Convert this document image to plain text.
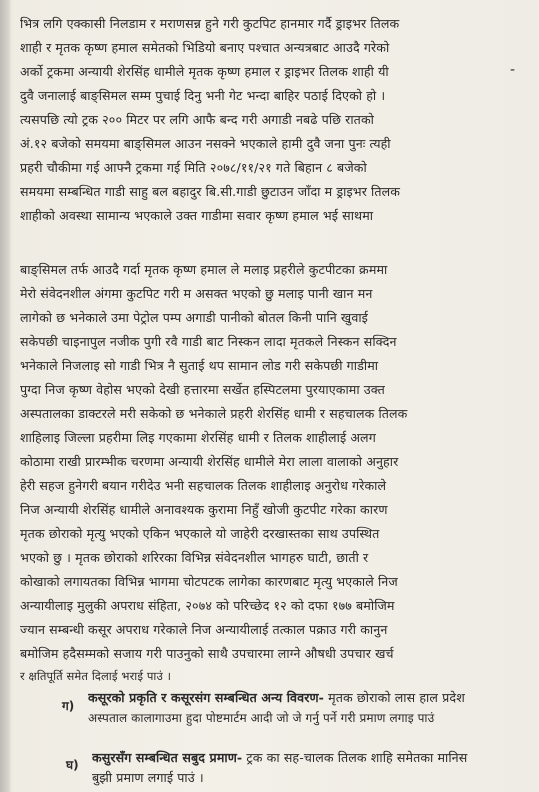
भित्र लगि एक्कासी निलडाम र मराणसन्न हुने गरी कुटपिट हानमार गर्दै ड्राइभर तिलक
शाही र मृतक कृष्ण हमाल समेतको भिडियो बनाए पश्चात अन्यत्रबाट आउदै गरेको
अर्को ट्रकमा अन्यायी शेरसिंह धामीले मृतक कृष्ण हमाल र ड्राइभर तिलक शाही यी
दुवै जनालाई बाङ्सिमल सम्म पुचाई दिनु भनी गेट भन्दा बाहिर पठाई दिएको हो ।
त्यसपछि त्यो ट्रक २०० मिटर पर लगि आफै बन्द गरी अगाडी नबढे पछि रातको
अं.१२ बजेको समयमा बाङ्सिमल आउन नसक्ने भएकाले हामी दुवै जना पुनः त्यही
प्रहरी चौकीमा गई आफ्नै ट्रकमा गई मिति २०७८/११/२१ गते बिहान ८ बजेको
समयमा सम्बन्धित गाडी साहु बल बहादुर बि.सी.गाडी छुटाउन जाँदा म ड्राइभर तिलक
शाहीको अवस्था सामान्य भएकाले उक्त गाडीमा सवार कृष्ण हमाल भई साथमा
-
बाङ्सिमल तर्फ आउदै गर्दा मृतक कृष्ण हमाल ले मलाइ प्रहरीले कुटपीटका क्रममा
मेरो संवेदनशील अंगमा कुटपिट गरी म असक्त भएको छु मलाइ पानी खान मन
लागेको छ भनेकाले उमा पेट्रोल पम्प अगाडी पानीको बोतल किनी पानि खुवाई
सकेपछी चाइनापुल नजीक पुगी रवै गाडी बाट निस्कन लादा मृतकले निस्कन सक्दिन
भनेकाले निजलाइ सो गाडी भित्र नै सुताई थप सामान लोड गरी सकेपछी गाडीमा
पुग्दा निज कृष्ण वेहोस भएको देखी हत्तारमा सर्खेत हस्पिटलमा पुरयाएकामा उक्त
अस्पतालका डाक्टरले मरी सकेको छ भनेकाले प्रहरी शेरसिंह धामी र सहचालक तिलक
शाहिलाइ जिल्ला प्रहरीमा लिइ गएकामा शेरसिंह धामी र तिलक शाहीलाई अलग
कोठामा राखी प्रारम्भीक चरणमा अन्यायी शेरसिंह धामीले मेरा लाला वालाको अनुहार
हेरी सहज हुनेगरी बयान गरीदेउ भनी सहचालक तिलक शाहीलाइ अनुरोध गरेकाले
निज अन्यायी शेरसिंह धामीले अनावश्यक कुरामा निहुँ खोजी कुटपीट गरेका कारण
मृतक छोराको मृत्यु भएको एकिन भएकाले यो जाहेरी दरखास्तका साथ उपस्थित
भएको छु । मृतक छोराको शरिरका विभिन्न संवेदनशील भागहरु घाटी, छाती र
कोखाको लगायतका विभिन्न भागमा चोटपटक लागेका कारणबाट मृत्यु भएकाले निज
अन्यायीलाइ मुलुकी अपराध संहिता, २०७४ को परिच्छेद १२ को दफा १७७ बमोजिम
ज्यान सम्बन्धी कसूर अपराध गरेकाले निज अन्यायीलाई तत्काल पक्राउ गरी कानुन
बमोजिम हदैसम्मको सजाय गरी पाउनुको साथै उपचारमा लाग्ने औषधी उपचार खर्च
र क्षतिपूर्ति समेत दिलाई भराई पाउं ।
ग)
कसूरको प्रकृति र कसूरसंग सम्बन्धित अन्य विवरण- मृतक छोराको लास हाल प्रदेश
अस्पताल कालागाउमा हुदा पोष्टमार्टम आदी जो जे गर्नु पर्ने गरी प्रमाण लगाइ पाउं
घ) कसुरसँग सम्बन्धित सबुद प्रमाण- ट्रक का सह-चालक तिलक शाहि समेतका मानिस
बुझी प्रमाण लगाई पाउं ।
